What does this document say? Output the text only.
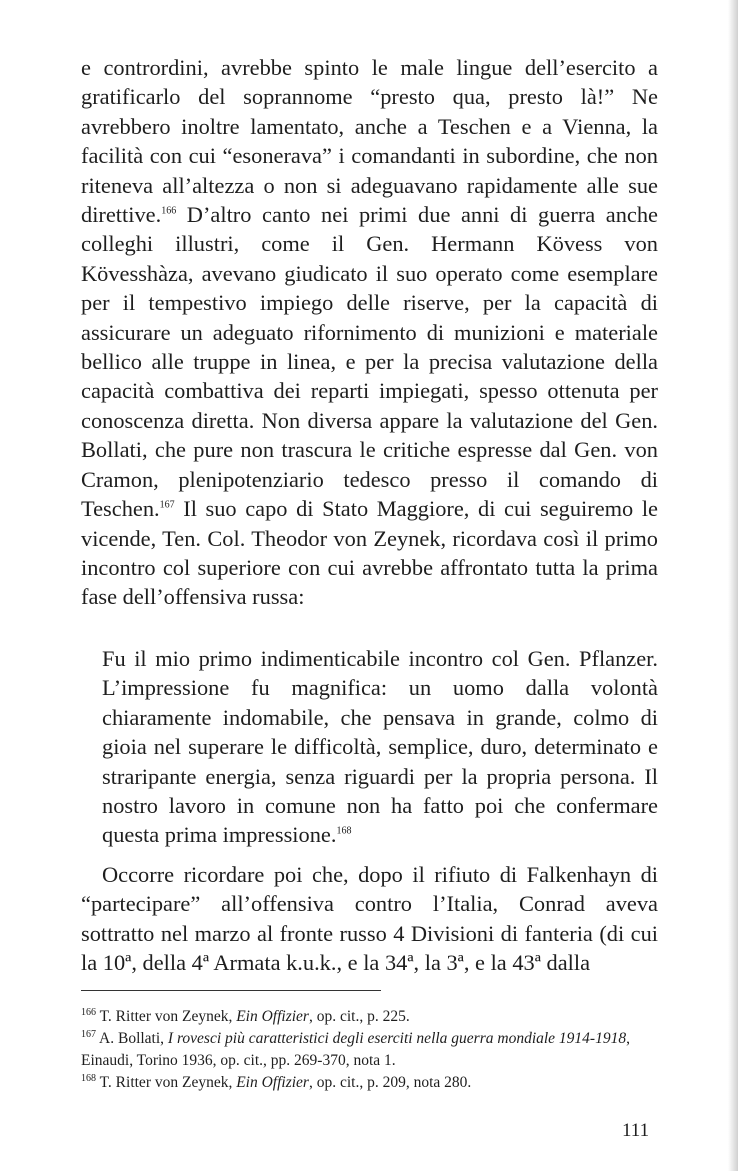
e contrordini, avrebbe spinto le male lingue dell’esercito a gratificarlo del soprannome “presto qua, presto là!” Ne avrebbero inoltre lamentato, anche a Teschen e a Vienna, la facilità con cui “esonerava” i comandanti in subordine, che non riteneva all’altezza o non si adeguavano rapidamente alle sue direttive.$^{166}$ D’altro canto nei primi due anni di guerra anche colleghi illustri, come il Gen. Hermann Kövess von Kövesshàza, avevano giudicato il suo operato come esemplare per il tempestivo impiego delle riserve, per la capacità di assicurare un adeguato rifornimento di munizioni e materiale bellico alle truppe in linea, e per la precisa valutazione della capacità combattiva dei reparti impiegati, spesso ottenuta per conoscenza diretta. Non diversa appare la valutazione del Gen. Bollati, che pure non trascura le critiche espresse dal Gen. von Cramon, plenipotenziario tedesco presso il comando di Teschen.$^{167}$ Il suo capo di Stato Maggiore, di cui seguiremo le vicende, Ten. Col. Theodor von Zeynek, ricordava così il primo incontro col superiore con cui avrebbe affrontato tutta la prima fase dell’offensiva russa:

Fu il mio primo indimenticabile incontro col Gen. Pflanzer. L’impressione fu magnifica: un uomo dalla volontà chiaramente indomabile, che pensava in grande, colmo di gioia nel superare le difficoltà, semplice, duro, determinato e straripante energia, senza riguardi per la propria persona. Il nostro lavoro in comune non ha fatto poi che confermare questa prima impressione.$^{168}$

Occorre ricordare poi che, dopo il rifiuto di Falkenhayn di “partecipare” all’offensiva contro l’Italia, Conrad aveva sottratto nel marzo al fronte russo 4 Divisioni di fanteria (di cui la 10ª, della 4ª Armata k.u.k., e la 34ª, la 3ª, e la 43ª dalla

$^{166}$ T. Ritter von Zeynek, Ein Offizier, op. cit., p. 225.

$^{167}$ A. Bollati, I rovesci più caratteristici degli eserciti nella guerra mondiale 1914-1918, Einaudi, Torino 1936, op. cit., pp. 269-370, nota 1.

$^{168}$ T. Ritter von Zeynek, Ein Offizier, op. cit., p. 209, nota 280.

111
